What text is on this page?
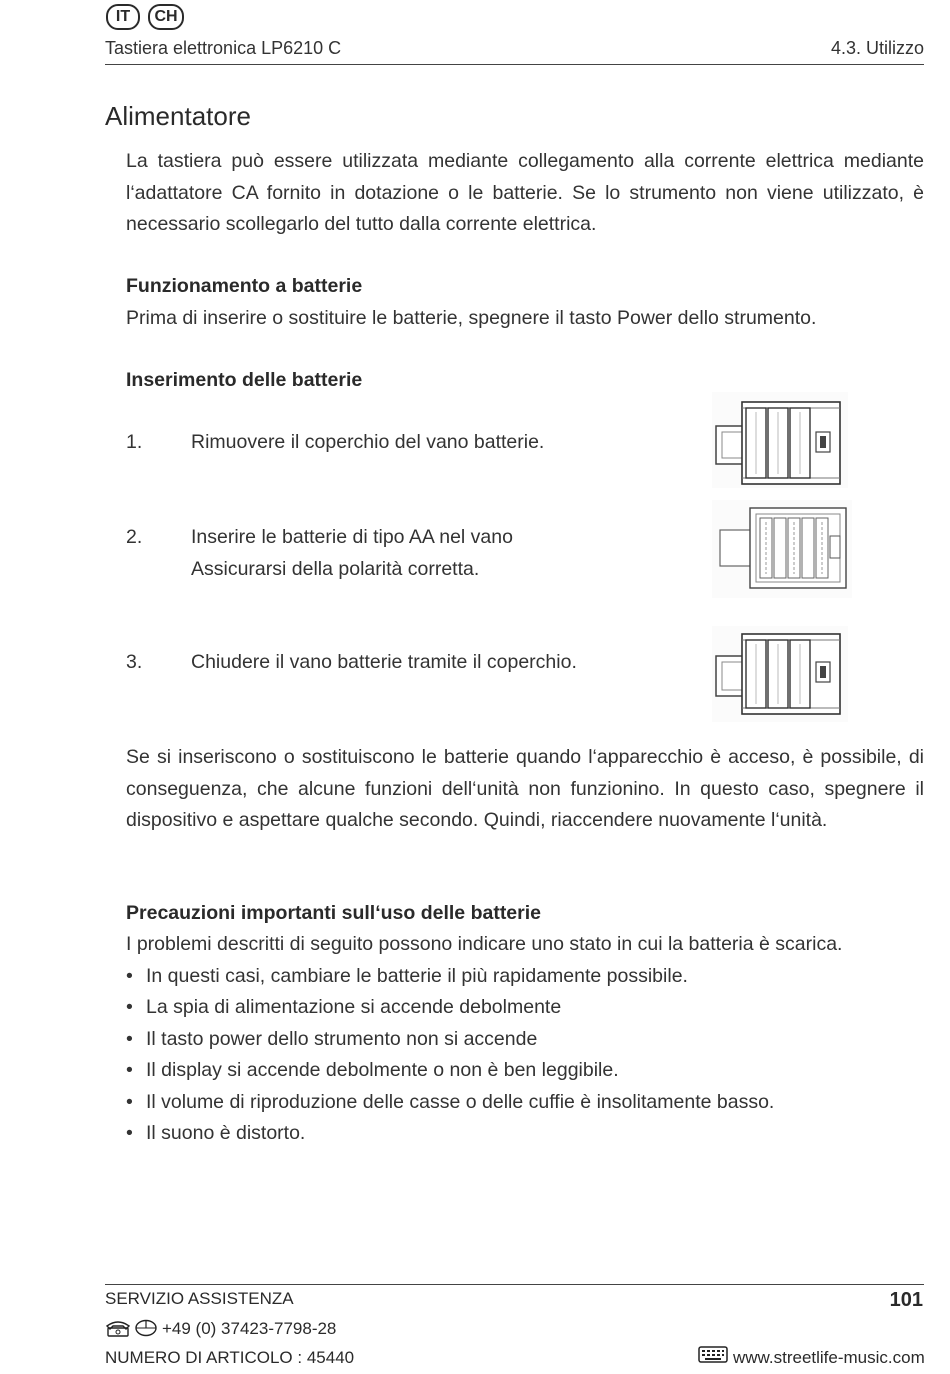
IT	CH
Tastiera elettronica LP6210 C	4.3. Utilizzo
Alimentatore
La tastiera può essere utilizzata mediante collegamento alla corrente elettrica mediante l‘adattatore CA fornito in dotazione o le batterie. Se lo strumento non viene utilizzato, è necessario scollegarlo del tutto dalla corrente elettrica.
Funzionamento a batterie
Prima di inserire o sostituire le batterie, spegnere il tasto Power dello strumento.
Inserimento delle batterie
1. Rimuovere il coperchio del vano batterie.
2. Inserire le batterie di tipo AA nel vano
Assicurarsi della polarità corretta.
3. Chiudere il vano batterie tramite il coperchio.
Se si inseriscono o sostituiscono le batterie quando l‘apparecchio è acceso, è possibile, di conseguenza, che alcune funzioni dell‘unità non funzionino. In questo caso, spegnere il dispositivo e aspettare qualche secondo. Quindi, riaccendere nuovamente l‘unità.
Precauzioni importanti sull‘uso delle batterie
I problemi descritti di seguito possono indicare uno stato in cui la batteria è scarica.
• In questi casi, cambiare le batterie il più rapidamente possibile.
• La spia di alimentazione si accende debolmente
• Il tasto power dello strumento non si accende
• Il display si accende debolmente o non è ben leggibile.
• Il volume di riproduzione delle casse o delle cuffie è insolitamente basso.
• Il suono è distorto.
SERVIZIO ASSISTENZA	101
+49 (0) 37423-7798-28
NUMERO DI ARTICOLO : 45440	www.streetlife-music.com
